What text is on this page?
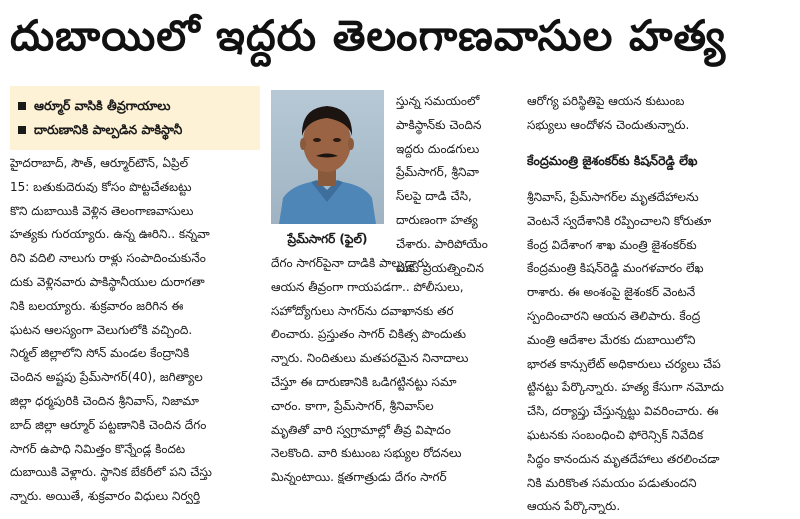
దుబాయిలో ఇద్దరు తెలంగాణవాసుల హత్య
ఆర్మూర్ వాసికి తీవ్రగాయాలు
దారుణానికి పాల్పడిన పాకిస్థానీ
ప్రేమ్‌సాగర్ (ఫైల్)

హైదరాబాద్, సౌత్, ఆర్మూర్‌టౌన్, ఏప్రిల్

15: బతుకుదెరువు కోసం పొట్టచేతబట్టు

కొని దుబాయికి వెళ్లిన తెలంగాణవాసులు

హత్యకు గురయ్యారు. ఉన్న ఊరిని.. కన్నవా

రిని వదిలి నాలుగు రాళ్లు సంపాదించుకునేం

దుకు వెళ్లినవారు పాకిస్థానీయుల దురాగతా

నికి బలయ్యారు. శుక్రవారం జరిగిన ఈ

ఘటన ఆలస్యంగా వెలుగులోకి వచ్చింది.

నిర్మల్ జిల్లాలోని సోన్ మండల కేంద్రానికి

చెందిన అష్టపు ప్రేమ్‌సాగర్(40), జగిత్యాల

జిల్లా ధర్మపురికి చెందిన శ్రీనివాస్, నిజామా

బాద్ జిల్లా ఆర్మూర్ పట్టణానికి చెందిన దేగం

సాగర్ ఉపాధి నిమిత్తం కొన్నేండ్ల కిందట

దుబాయికి వెళ్లారు. స్థానిక బేకరీలో పని చేస్తు

న్నారు. అయితే, శుక్రవారం విధులు నిర్వర్తి

స్తున్న సమయంలో

పాకిస్థాన్‌కు చెందిన

ఇద్దరు దుండగులు

ప్రేమ్‌సాగర్, శ్రీనివా

స్‌లపై దాడి చేసి,

దారుణంగా హత్య

చేశారు. పారిపోయేం

దుకు ప్రయత్నించిన

దేగం సాగర్‌పైనా దాడికి పాల్పడ్డారు.

ఆయన తీవ్రంగా గాయపడగా.. పోలీసులు,

సహోద్యోగులు సాగర్‌ను దవాఖానకు తర

లించారు. ప్రస్తుతం సాగర్ చికిత్స పొందుతు

న్నారు. నిందితులు మతపరమైన నినాదాలు

చేస్తూ ఈ దారుణానికి ఒడిగట్టినట్టు సమా

చారం. కాగా, ప్రేమ్‌సాగర్, శ్రీనివాస్‌ల

మృతితో వారి స్వగ్రామాల్లో తీవ్ర విషాదం

నెలకొంది. వారి కుటుంబ సభ్యుల రోదనలు

మిన్నంటాయి. క్షతగాత్రుడు దేగం సాగర్

ఆరోగ్య పరిస్థితిపై ఆయన కుటుంబ

సభ్యులు ఆందోళన చెందుతున్నారు.

కేంద్రమంత్రి జైశంకర్‌కు కిషన్‌రెడ్డి లేఖ

శ్రీనివాస్, ప్రేమ్‌సాగర్‌ల మృతదేహాలను

వెంటనే స్వదేశానికి రప్పించాలని కోరుతూ

కేంద్ర విదేశాంగ శాఖ మంత్రి జైశంకర్‌కు

కేంద్రమంత్రి కిషన్‌రెడ్డి మంగళవారం లేఖ

రాశారు. ఈ అంశంపై జైశంకర్ వెంటనే

స్పందించారని ఆయన తెలిపారు. కేంద్ర

మంత్రి ఆదేశాల మేరకు దుబాయిలోని

భారత కాన్సులేట్ అధికారులు చర్యలు చేప

ట్టినట్టు పేర్కొన్నారు. హత్య కేసుగా నమోదు

చేసి, దర్యాప్తు చేస్తున్నట్టు వివరించారు. ఈ

ఘటనకు సంబంధించి ఫోరెన్సిక్ నివేదిక

సిద్ధం కానందున మృతదేహాలు తరలించడా

నికి మరికొంత సమయం పడుతుందని

ఆయన పేర్కొన్నారు.
